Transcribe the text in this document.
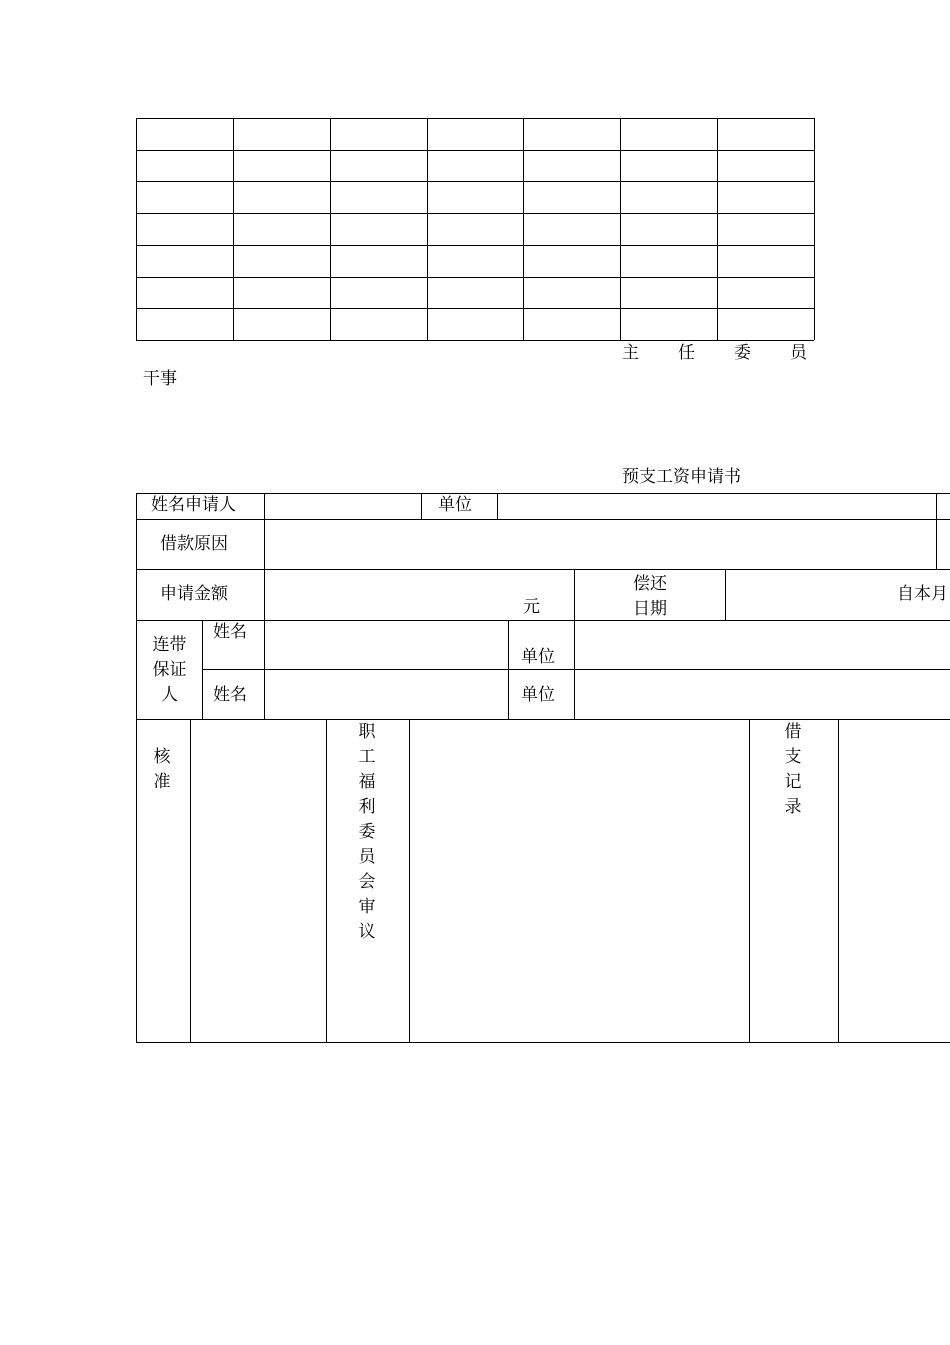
主 任 委 员
干事
预支工资申请书
姓名申请人	单位
借款原因
申请金额
元
偿还
日期
自本月
连带
保证
人
姓名
单位
姓名	单位
核
准
职
工
福
利
委
员
会
审
议
借
支
记
录
